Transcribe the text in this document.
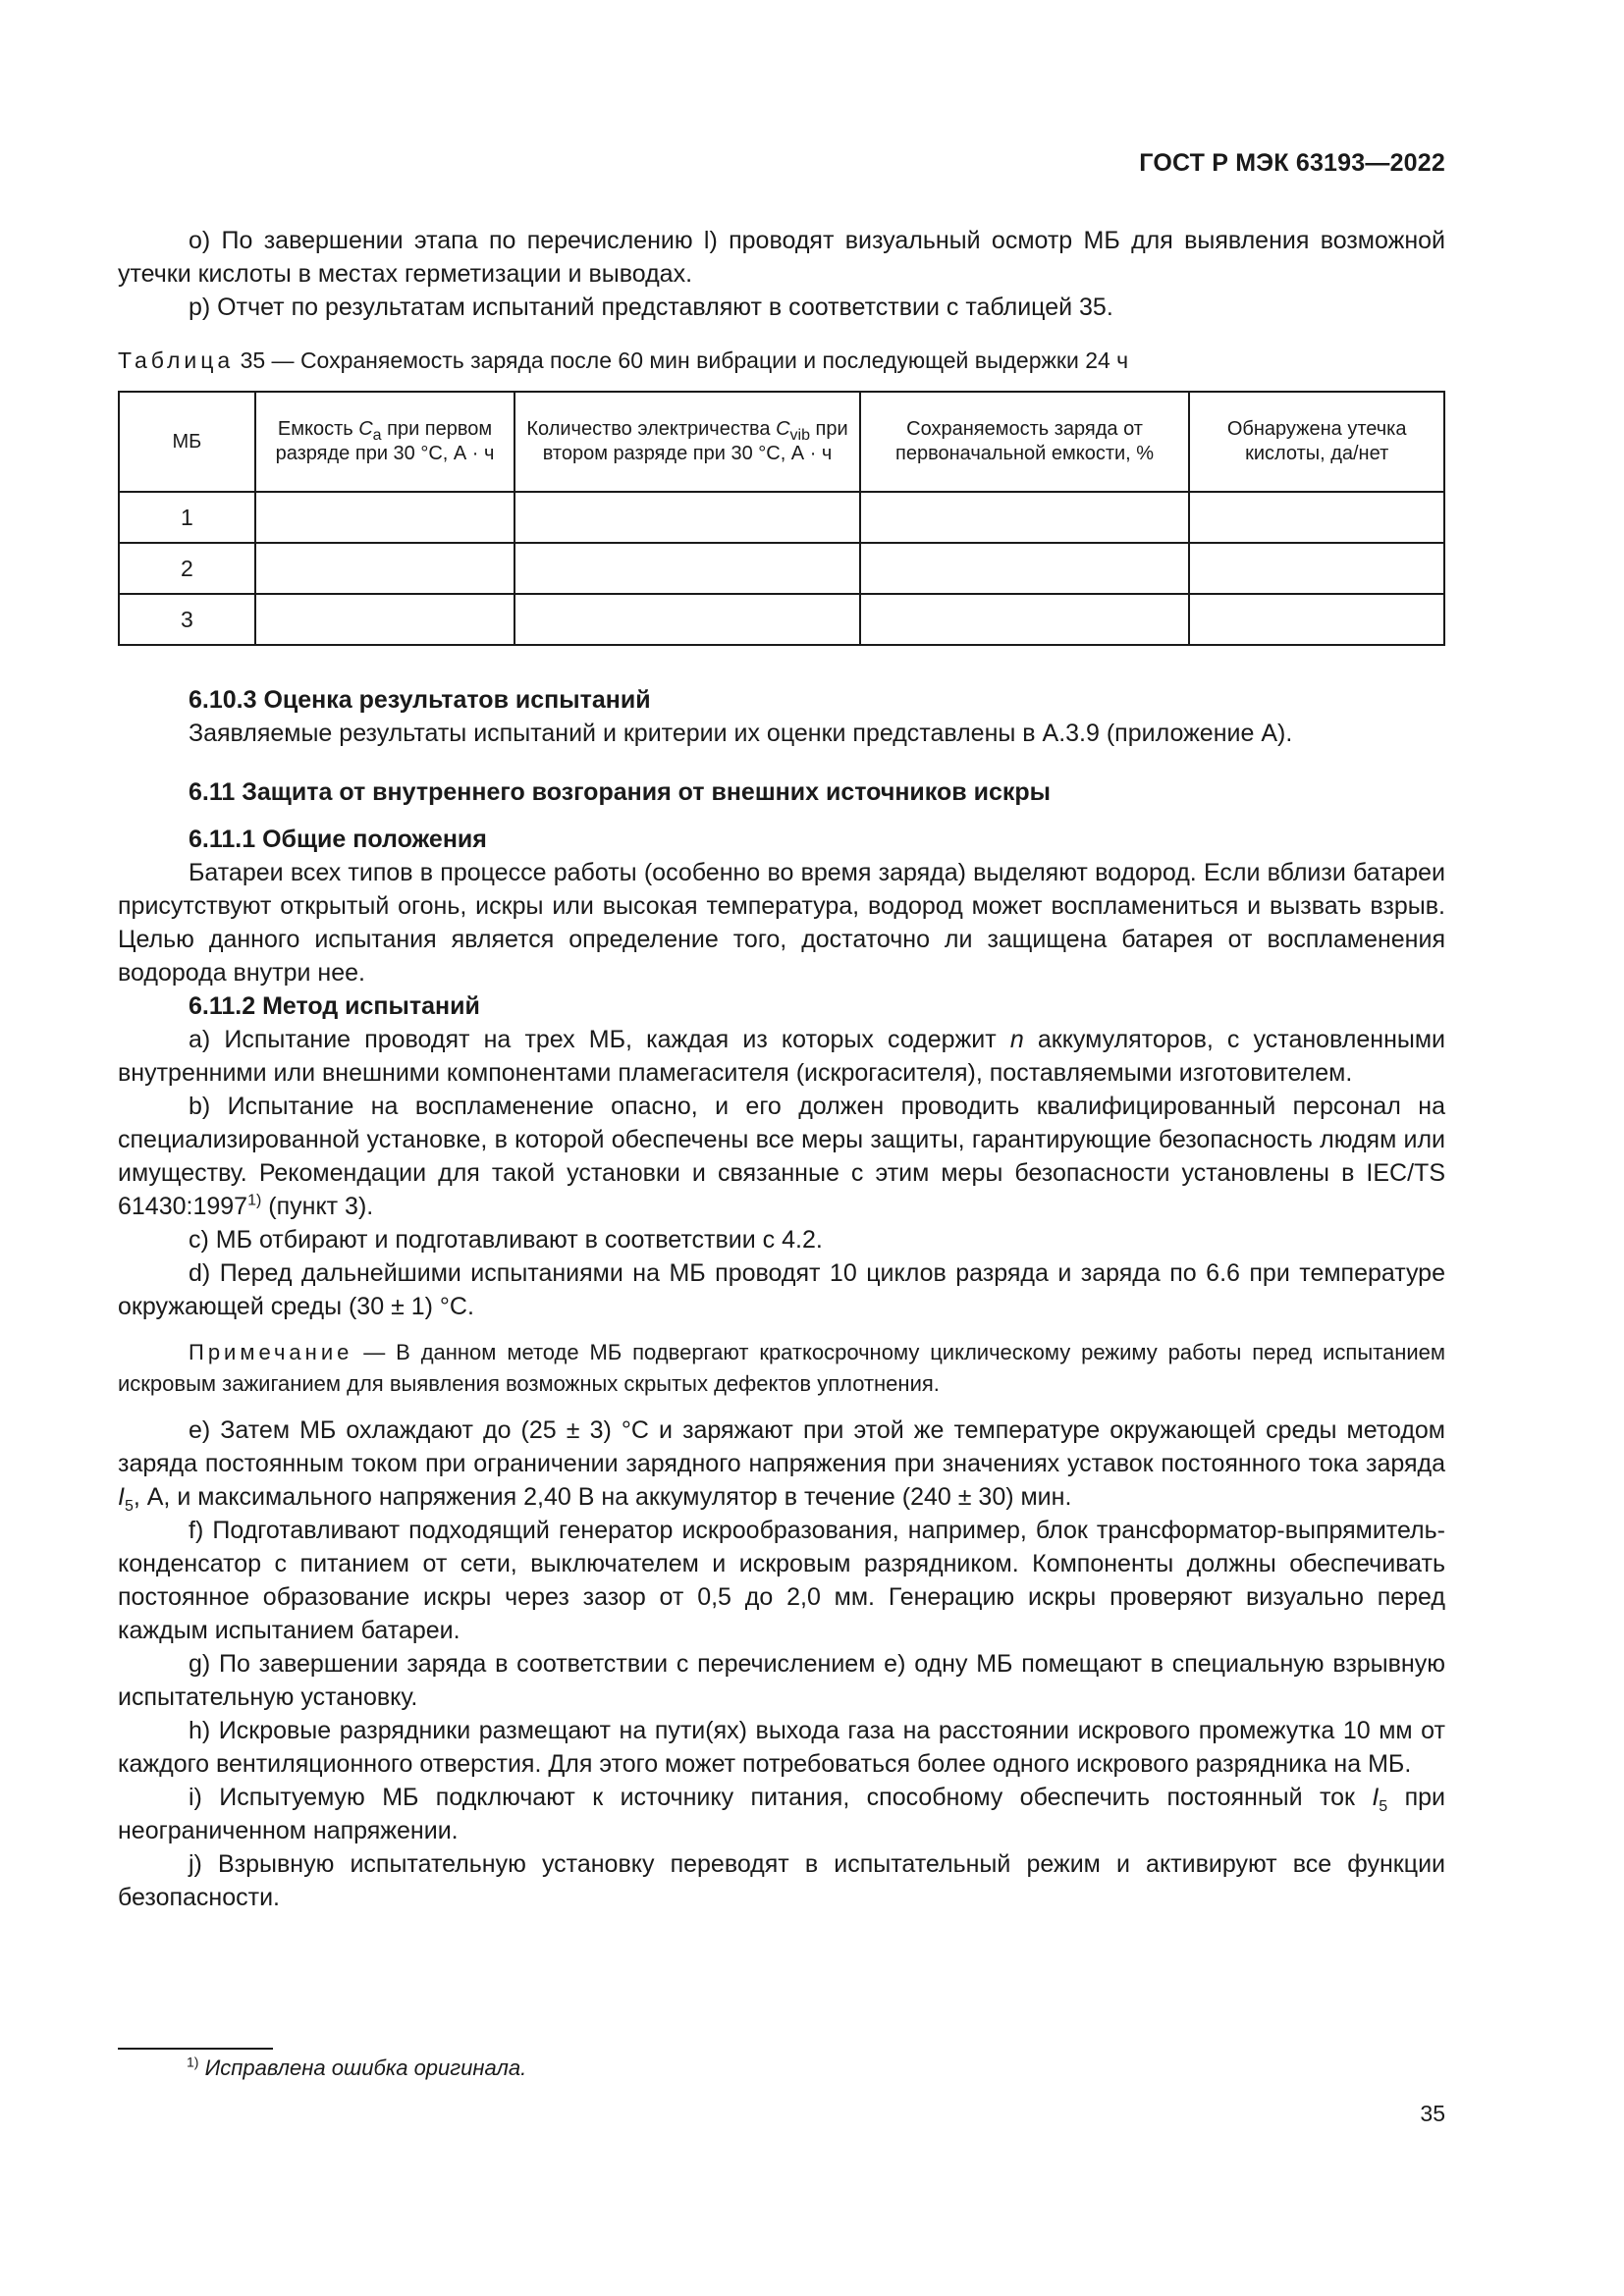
ГОСТ Р МЭК 63193—2022

o) По завершении этапа по перечислению l) проводят визуальный осмотр МБ для выявления возможной утечки кислоты в местах герметизации и выводах.

p) Отчет по результатам испытаний представляют в соответствии с таблицей 35.

Таблица 35 — Сохраняемость заряда после 60 мин вибрации и последующей выдержки 24 ч

МБ	Емкость $C_a$ при первом разряде при 30 °С, А · ч	Количество электричества $C_{vib}$ при втором разряде при 30 °С, А · ч	Сохраняемость заряда от первоначальной емкости, %	Обнаружена утечка кислоты, да/нет
1				
2				
3				

6.10.3 Оценка результатов испытаний

Заявляемые результаты испытаний и критерии их оценки представлены в А.3.9 (приложение А).

6.11 Защита от внутреннего возгорания от внешних источников искры

6.11.1 Общие положения

Батареи всех типов в процессе работы (особенно во время заряда) выделяют водород. Если вблизи батареи присутствуют открытый огонь, искры или высокая температура, водород может воспламениться и вызвать взрыв. Целью данного испытания является определение того, достаточно ли защищена батарея от воспламенения водорода внутри нее.

6.11.2 Метод испытаний

a) Испытание проводят на трех МБ, каждая из которых содержит n аккумуляторов, с установленными внутренними или внешними компонентами пламегасителя (искрогасителя), поставляемыми изготовителем.

b) Испытание на воспламенение опасно, и его должен проводить квалифицированный персонал на специализированной установке, в которой обеспечены все меры защиты, гарантирующие безопасность людям или имуществу. Рекомендации для такой установки и связанные с этим меры безопасности установлены в IEC/TS 61430:1997$^{1)}$ (пункт 3).

c) МБ отбирают и подготавливают в соответствии с 4.2.

d) Перед дальнейшими испытаниями на МБ проводят 10 циклов разряда и заряда по 6.6 при температуре окружающей среды (30 ± 1) °С.

Примечание — В данном методе МБ подвергают краткосрочному циклическому режиму работы перед испытанием искровым зажиганием для выявления возможных скрытых дефектов уплотнения.

e) Затем МБ охлаждают до (25 ± 3) °С и заряжают при этой же температуре окружающей среды методом заряда постоянным током при ограничении зарядного напряжения при значениях уставок постоянного тока заряда $I_5$, А, и максимального напряжения 2,40 В на аккумулятор в течение (240 ± 30) мин.

f) Подготавливают подходящий генератор искрообразования, например, блок трансформатор-выпрямитель-конденсатор с питанием от сети, выключателем и искровым разрядником. Компоненты должны обеспечивать постоянное образование искры через зазор от 0,5 до 2,0 мм. Генерацию искры проверяют визуально перед каждым испытанием батареи.

g) По завершении заряда в соответствии с перечислением е) одну МБ помещают в специальную взрывную испытательную установку.

h) Искровые разрядники размещают на пути(ях) выхода газа на расстоянии искрового промежутка 10 мм от каждого вентиляционного отверстия. Для этого может потребоваться более одного искрового разрядника на МБ.

i) Испытуемую МБ подключают к источнику питания, способному обеспечить постоянный ток $I_5$ при неограниченном напряжении.

j) Взрывную испытательную установку переводят в испытательный режим и активируют все функции безопасности.

$^{1)}$ Исправлена ошибка оригинала.
35
